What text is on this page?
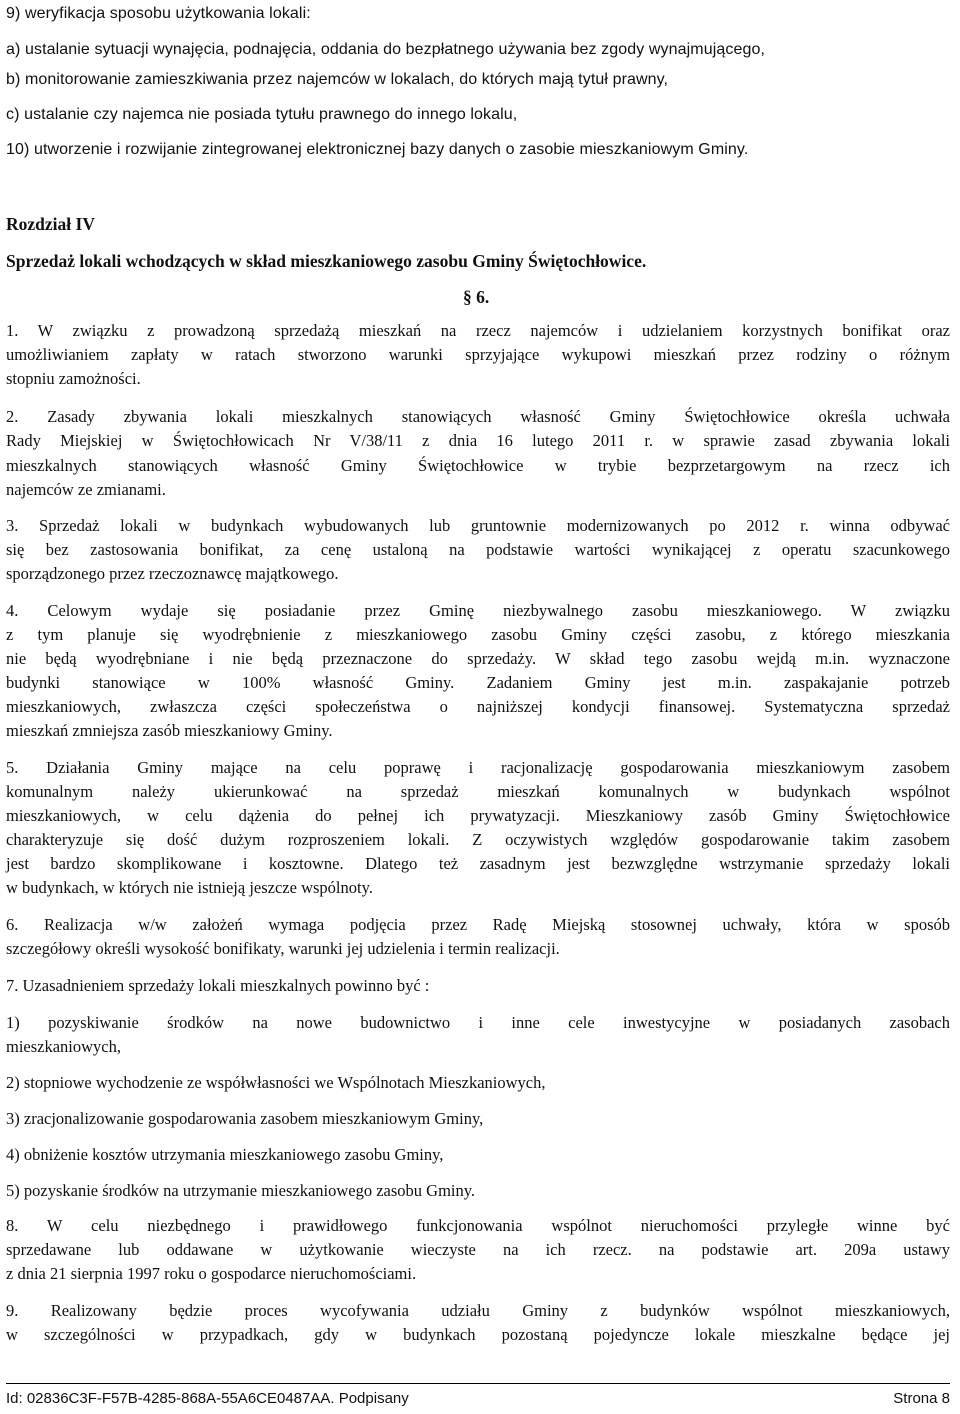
9) weryfikacja sposobu użytkowania lokali:
a) ustalanie sytuacji wynajęcia, podnajęcia, oddania do bezpłatnego używania bez zgody wynajmującego,
b) monitorowanie zamieszkiwania przez najemców w lokalach, do których mają tytuł prawny,
c) ustalanie czy najemca nie posiada tytułu prawnego do innego lokalu,
10) utworzenie i rozwijanie zintegrowanej elektronicznej bazy danych o zasobie mieszkaniowym Gminy.
Rozdział IV
Sprzedaż lokali wchodzących w skład mieszkaniowego zasobu Gminy Świętochłowice.
§ 6.
1. W związku z prowadzoną sprzedażą mieszkań na rzecz najemców i udzielaniem korzystnych bonifikat oraz
umożliwianiem zapłaty w ratach stworzono warunki sprzyjające wykupowi mieszkań przez rodziny o różnym
stopniu zamożności.
2. Zasady zbywania lokali mieszkalnych stanowiących własność Gminy Świętochłowice określa uchwała
Rady Miejskiej w Świętochłowicach Nr V/38/11 z dnia 16 lutego 2011 r. w sprawie zasad zbywania lokali
mieszkalnych stanowiących własność Gminy Świętochłowice w trybie bezprzetargowym na rzecz ich
najemców ze zmianami.
3. Sprzedaż lokali w budynkach wybudowanych lub gruntownie modernizowanych po 2012 r. winna odbywać
się bez zastosowania bonifikat, za cenę ustaloną na podstawie wartości wynikającej z operatu szacunkowego
sporządzonego przez rzeczoznawcę majątkowego.
4. Celowym wydaje się posiadanie przez Gminę niezbywalnego zasobu mieszkaniowego. W związku
z tym planuje się wyodrębnienie z mieszkaniowego zasobu Gminy części zasobu, z którego mieszkania
nie będą wyodrębniane i nie będą przeznaczone do sprzedaży. W skład tego zasobu wejdą m.in. wyznaczone
budynki stanowiące w 100% własność Gminy. Zadaniem Gminy jest m.in. zaspakajanie potrzeb
mieszkaniowych, zwłaszcza części społeczeństwa o najniższej kondycji finansowej. Systematyczna sprzedaż
mieszkań zmniejsza zasób mieszkaniowy Gminy.
5. Działania Gminy mające na celu poprawę i racjonalizację gospodarowania mieszkaniowym zasobem
komunalnym należy ukierunkować na sprzedaż mieszkań komunalnych w budynkach wspólnot
mieszkaniowych, w celu dążenia do pełnej ich prywatyzacji. Mieszkaniowy zasób Gminy Świętochłowice
charakteryzuje się dość dużym rozproszeniem lokali. Z oczywistych względów gospodarowanie takim zasobem
jest bardzo skomplikowane i kosztowne. Dlatego też zasadnym jest bezwzględne wstrzymanie sprzedaży lokali
w budynkach, w których nie istnieją jeszcze wspólnoty.
6. Realizacja w/w założeń wymaga podjęcia przez Radę Miejską stosownej uchwały, która w sposób
szczegółowy określi wysokość bonifikaty, warunki jej udzielenia i termin realizacji.
7. Uzasadnieniem sprzedaży lokali mieszkalnych powinno być :
1) pozyskiwanie środków na nowe budownictwo i inne cele inwestycyjne w posiadanych zasobach
mieszkaniowych,
2) stopniowe wychodzenie ze współwłasności we Wspólnotach Mieszkaniowych,
3) zracjonalizowanie gospodarowania zasobem mieszkaniowym Gminy,
4) obniżenie kosztów utrzymania mieszkaniowego zasobu Gminy,
5) pozyskanie środków na utrzymanie mieszkaniowego zasobu Gminy.
8. W celu niezbędnego i prawidłowego funkcjonowania wspólnot nieruchomości przyległe winne być
sprzedawane lub oddawane w użytkowanie wieczyste na ich rzecz. na podstawie art. 209a ustawy
z dnia 21 sierpnia 1997 roku o gospodarce nieruchomościami.
9. Realizowany będzie proces wycofywania udziału Gminy z budynków wspólnot mieszkaniowych,
w szczególności w przypadkach, gdy w budynkach pozostaną pojedyncze lokale mieszkalne będące jej
Id: 02836C3F-F57B-4285-868A-55A6CE0487AA. Podpisany	Strona 8
